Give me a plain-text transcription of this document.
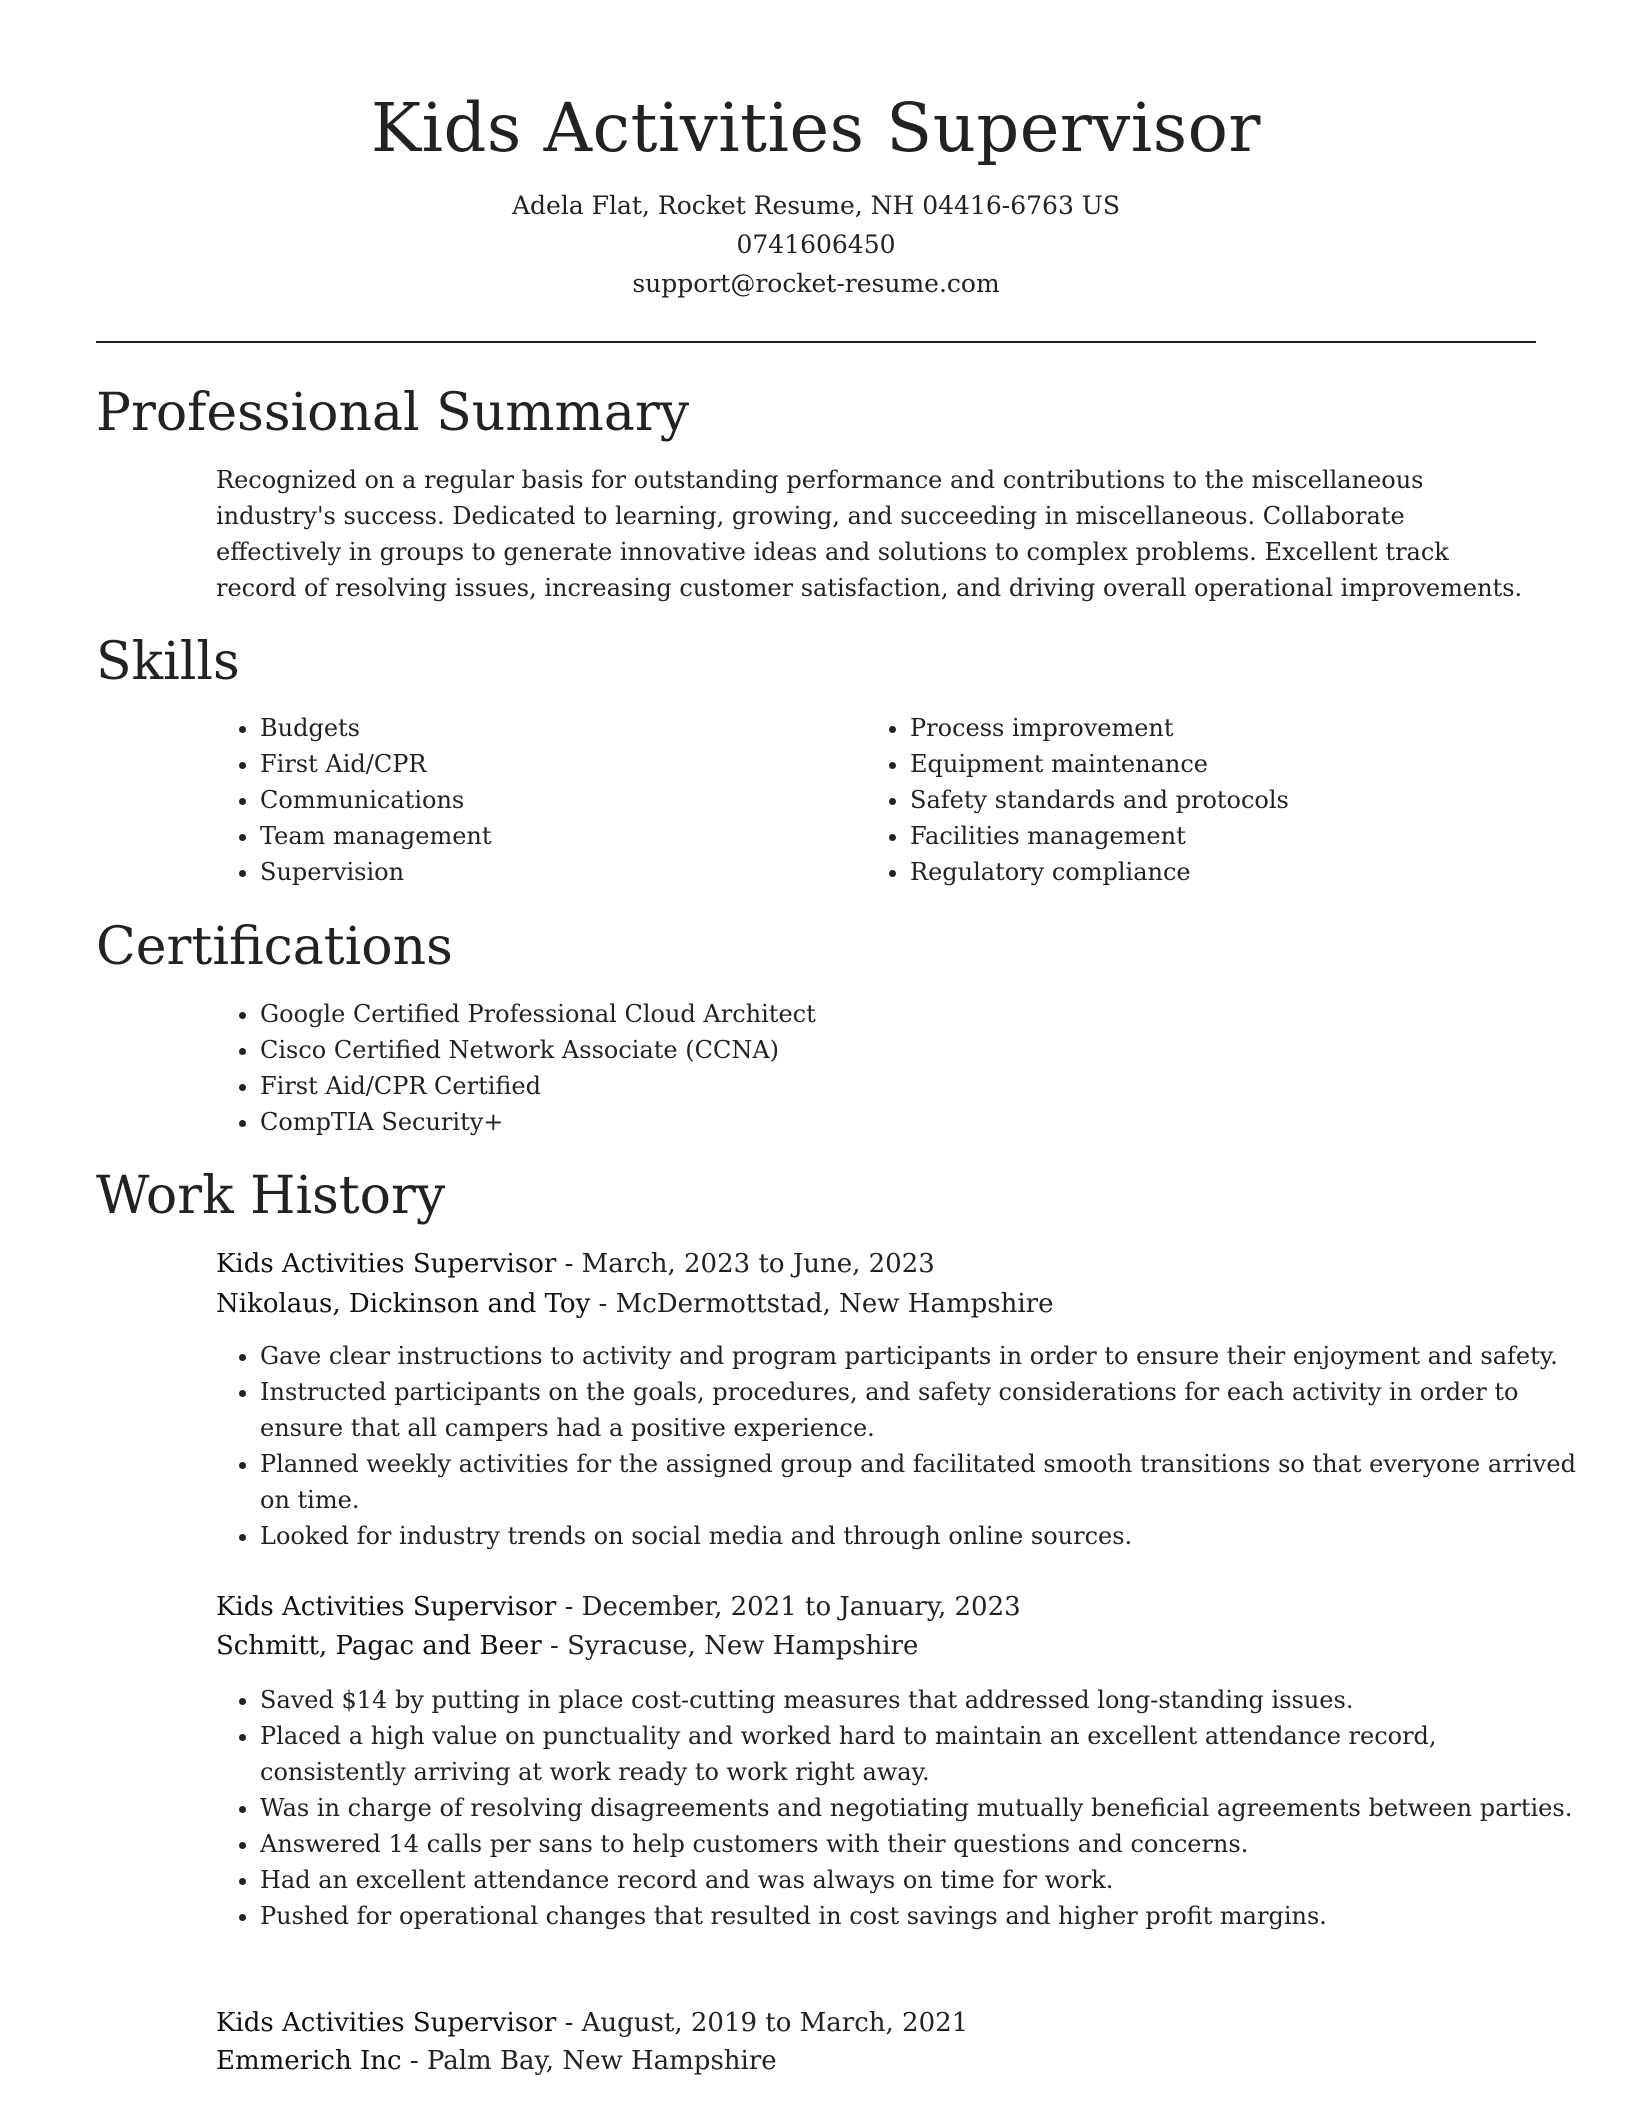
Kids Activities Supervisor
Adela Flat, Rocket Resume, NH 04416-6763 US
0741606450
support@rocket-resume.com
Professional Summary

Recognized on a regular basis for outstanding performance and contributions to the miscellaneous industry's success. Dedicated to learning, growing, and succeeding in miscellaneous. Collaborate effectively in groups to generate innovative ideas and solutions to complex problems. Excellent track record of resolving issues, increasing customer satisfaction, and driving overall operational improvements.

Skills
• Budgets
• First Aid/CPR
• Communications
• Team management
• Supervision
• Process improvement
• Equipment maintenance
• Safety standards and protocols
• Facilities management
• Regulatory compliance
Certifications
• Google Certified Professional Cloud Architect
• Cisco Certified Network Associate (CCNA)
• First Aid/CPR Certified
• CompTIA Security+
Work History
Kids Activities Supervisor - March, 2023 to June, 2023
Nikolaus, Dickinson and Toy - McDermottstad, New Hampshire
• Gave clear instructions to activity and program participants in order to ensure their enjoyment and safety.
• Instructed participants on the goals, procedures, and safety considerations for each activity in order to ensure that all campers had a positive experience.
• Planned weekly activities for the assigned group and facilitated smooth transitions so that everyone arrived on time.
• Looked for industry trends on social media and through online sources.
Kids Activities Supervisor - December, 2021 to January, 2023
Schmitt, Pagac and Beer - Syracuse, New Hampshire
• Saved $14 by putting in place cost-cutting measures that addressed long-standing issues.
• Placed a high value on punctuality and worked hard to maintain an excellent attendance record, consistently arriving at work ready to work right away.
• Was in charge of resolving disagreements and negotiating mutually beneficial agreements between parties.
• Answered 14 calls per sans to help customers with their questions and concerns.
• Had an excellent attendance record and was always on time for work.
• Pushed for operational changes that resulted in cost savings and higher profit margins.
Kids Activities Supervisor - August, 2019 to March, 2021
Emmerich Inc - Palm Bay, New Hampshire
